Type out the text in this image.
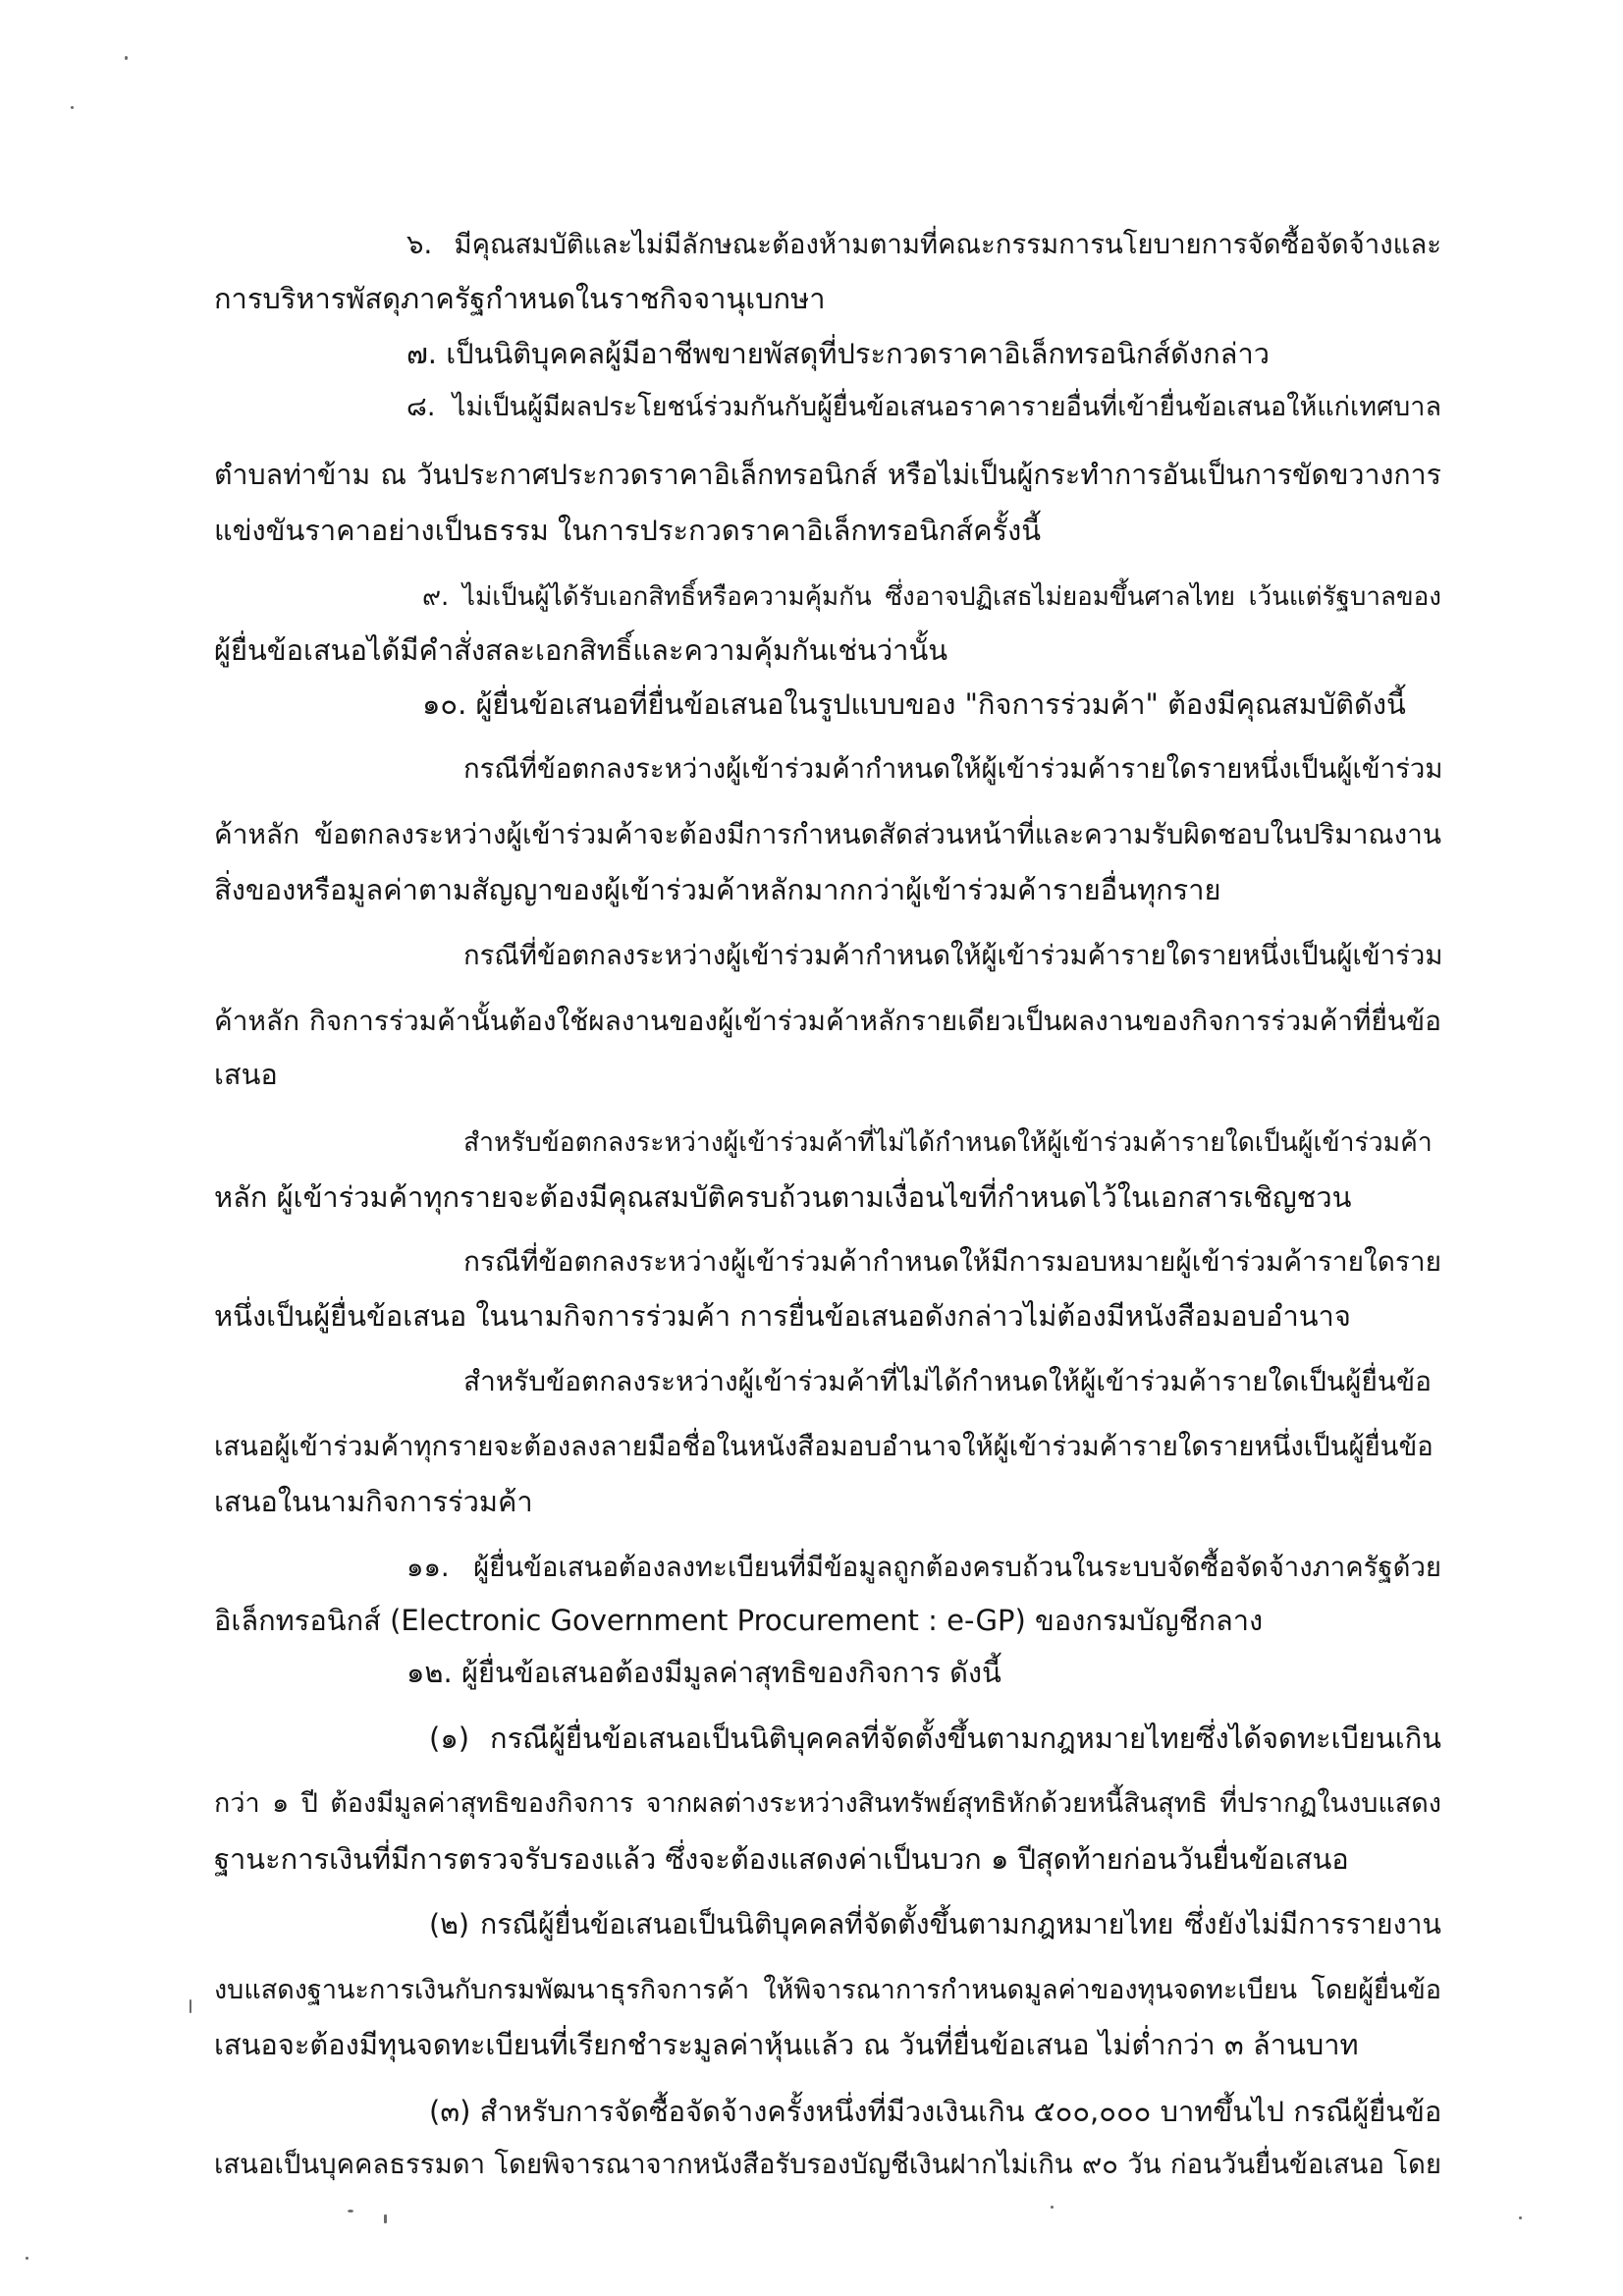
๖. มีคุณสมบัติและไม่มีลักษณะต้องห้ามตามที่คณะกรรมการนโยบายการจัดซื้อจัดจ้างและ
การบริหารพัสดุภาครัฐกำหนดในราชกิจจานุเบกษา
๗. เป็นนิติบุคคลผู้มีอาชีพขายพัสดุที่ประกวดราคาอิเล็กทรอนิกส์ดังกล่าว
๘. ไม่เป็นผู้มีผลประโยชน์ร่วมกันกับผู้ยื่นข้อเสนอราคารายอื่นที่เข้ายื่นข้อเสนอให้แก่เทศบาล
ตำบลท่าข้าม ณ วันประกาศประกวดราคาอิเล็กทรอนิกส์ หรือไม่เป็นผู้กระทำการอันเป็นการขัดขวางการ
แข่งขันราคาอย่างเป็นธรรม ในการประกวดราคาอิเล็กทรอนิกส์ครั้งนี้
๙. ไม่เป็นผู้ได้รับเอกสิทธิ์หรือความคุ้มกัน ซึ่งอาจปฏิเสธไม่ยอมขึ้นศาลไทย เว้นแต่รัฐบาลของ
ผู้ยื่นข้อเสนอได้มีคำสั่งสละเอกสิทธิ์และความคุ้มกันเช่นว่านั้น
๑๐. ผู้ยื่นข้อเสนอที่ยื่นข้อเสนอในรูปแบบของ "กิจการร่วมค้า" ต้องมีคุณสมบัติดังนี้
กรณีที่ข้อตกลงระหว่างผู้เข้าร่วมค้ากำหนดให้ผู้เข้าร่วมค้ารายใดรายหนึ่งเป็นผู้เข้าร่วม
ค้าหลัก ข้อตกลงระหว่างผู้เข้าร่วมค้าจะต้องมีการกำหนดสัดส่วนหน้าที่และความรับผิดชอบในปริมาณงาน
สิ่งของหรือมูลค่าตามสัญญาของผู้เข้าร่วมค้าหลักมากกว่าผู้เข้าร่วมค้ารายอื่นทุกราย
กรณีที่ข้อตกลงระหว่างผู้เข้าร่วมค้ากำหนดให้ผู้เข้าร่วมค้ารายใดรายหนึ่งเป็นผู้เข้าร่วม
ค้าหลัก กิจการร่วมค้านั้นต้องใช้ผลงานของผู้เข้าร่วมค้าหลักรายเดียวเป็นผลงานของกิจการร่วมค้าที่ยื่นข้อ
เสนอ
สำหรับข้อตกลงระหว่างผู้เข้าร่วมค้าที่ไม่ได้กำหนดให้ผู้เข้าร่วมค้ารายใดเป็นผู้เข้าร่วมค้า
หลัก ผู้เข้าร่วมค้าทุกรายจะต้องมีคุณสมบัติครบถ้วนตามเงื่อนไขที่กำหนดไว้ในเอกสารเชิญชวน
กรณีที่ข้อตกลงระหว่างผู้เข้าร่วมค้ากำหนดให้มีการมอบหมายผู้เข้าร่วมค้ารายใดราย
หนึ่งเป็นผู้ยื่นข้อเสนอ ในนามกิจการร่วมค้า การยื่นข้อเสนอดังกล่าวไม่ต้องมีหนังสือมอบอำนาจ
สำหรับข้อตกลงระหว่างผู้เข้าร่วมค้าที่ไม่ได้กำหนดให้ผู้เข้าร่วมค้ารายใดเป็นผู้ยื่นข้อ
เสนอผู้เข้าร่วมค้าทุกรายจะต้องลงลายมือชื่อในหนังสือมอบอำนาจให้ผู้เข้าร่วมค้ารายใดรายหนึ่งเป็นผู้ยื่นข้อ
เสนอในนามกิจการร่วมค้า
๑๑. ผู้ยื่นข้อเสนอต้องลงทะเบียนที่มีข้อมูลถูกต้องครบถ้วนในระบบจัดซื้อจัดจ้างภาครัฐด้วย
อิเล็กทรอนิกส์ (Electronic Government Procurement : e-GP) ของกรมบัญชีกลาง
๑๒. ผู้ยื่นข้อเสนอต้องมีมูลค่าสุทธิของกิจการ ดังนี้
(๑) กรณีผู้ยื่นข้อเสนอเป็นนิติบุคคลที่จัดตั้งขึ้นตามกฎหมายไทยซึ่งได้จดทะเบียนเกิน
กว่า ๑ ปี ต้องมีมูลค่าสุทธิของกิจการ จากผลต่างระหว่างสินทรัพย์สุทธิหักด้วยหนี้สินสุทธิ ที่ปรากฏในงบแสดง
ฐานะการเงินที่มีการตรวจรับรองแล้ว ซึ่งจะต้องแสดงค่าเป็นบวก ๑ ปีสุดท้ายก่อนวันยื่นข้อเสนอ
(๒) กรณีผู้ยื่นข้อเสนอเป็นนิติบุคคลที่จัดตั้งขึ้นตามกฎหมายไทย ซึ่งยังไม่มีการรายงาน
งบแสดงฐานะการเงินกับกรมพัฒนาธุรกิจการค้า ให้พิจารณาการกำหนดมูลค่าของทุนจดทะเบียน โดยผู้ยื่นข้อ
เสนอจะต้องมีทุนจดทะเบียนที่เรียกชำระมูลค่าหุ้นแล้ว ณ วันที่ยื่นข้อเสนอ ไม่ต่ำกว่า ๓ ล้านบาท
(๓) สำหรับการจัดซื้อจัดจ้างครั้งหนึ่งที่มีวงเงินเกิน ๕๐๐,๐๐๐ บาทขึ้นไป กรณีผู้ยื่นข้อ
เสนอเป็นบุคคลธรรมดา โดยพิจารณาจากหนังสือรับรองบัญชีเงินฝากไม่เกิน ๙๐ วัน ก่อนวันยื่นข้อเสนอ โดย
